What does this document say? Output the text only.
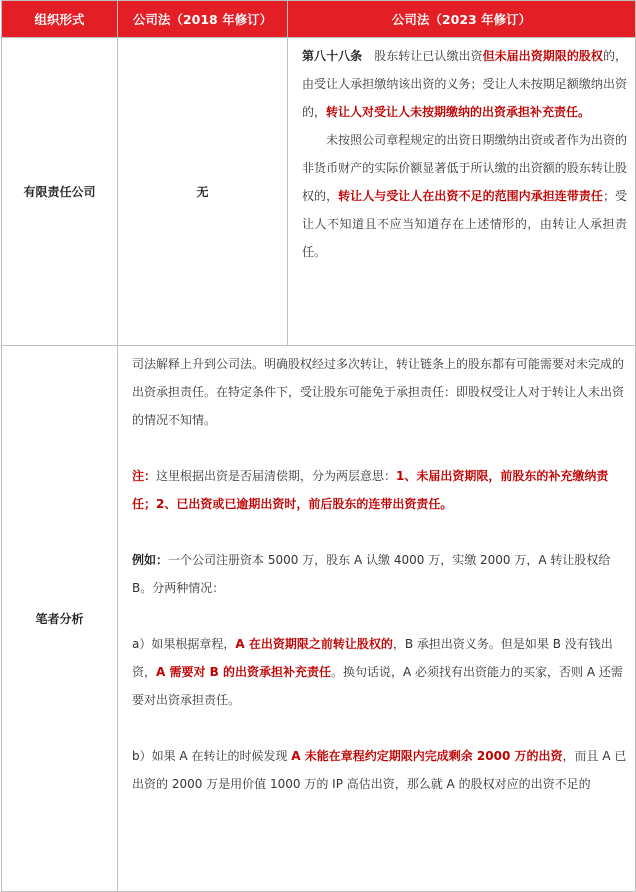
组织形式	公司法（2018 年修订）	公司法（2023 年修订）
有限责任公司	无	第八十八条　股东转让已认缴出资但未届出资期限的股权的，由受让人承担缴纳该出资的义务；受让人未按期足额缴纳出资的，转让人对受让人未按期缴纳的出资承担补充责任。

未按照公司章程规定的出资日期缴纳出资或者作为出资的非货币财产的实际价额显著低于所认缴的出资额的股东转让股权的，转让人与受让人在出资不足的范围内承担连带责任；受让人不知道且不应当知道存在上述情形的，由转让人承担责任。

笔者分析	司法解释上升到公司法。明确股权经过多次转让，转让链条上的股东都有可能需要对未完成的出资承担责任。在特定条件下，受让股东可能免于承担责任：即股权受让人对于转让人未出资的情况不知情。

注：这里根据出资是否届清偿期，分为两层意思：1、未届出资期限，前股东的补充缴纳责任；2、已出资或已逾期出资时，前后股东的连带出资责任。

例如：一个公司注册资本 5000 万，股东 A 认缴 4000 万，实缴 2000 万，A 转让股权给 B。分两种情况：

a）如果根据章程，A 在出资期限之前转让股权的，B 承担出资义务。但是如果 B 没有钱出资，A 需要对 B 的出资承担补充责任。换句话说，A 必须找有出资能力的买家，否则 A 还需要对出资承担责任。

b）如果 A 在转让的时候发现 A 未能在章程约定期限内完成剩余 2000 万的出资，而且 A 已出资的 2000 万是用价值 1000 万的 IP 高估出资，那么就 A 的股权对应的出资不足的	
